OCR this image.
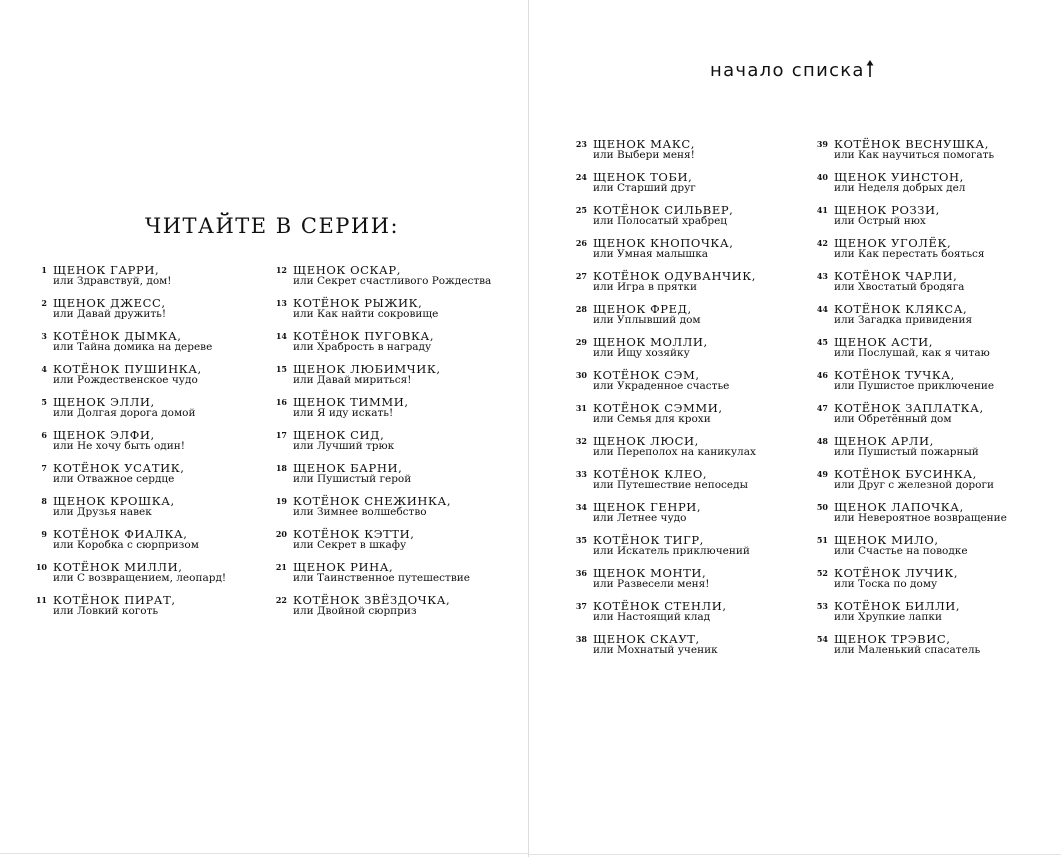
ЧИТАЙТЕ В СЕРИИ:
начало списка
1 ЩЕНОК ГАРРИ,
или Здравствуй, дом!
2 ЩЕНОК ДЖЕСС,
или Давай дружить!
3 КОТЁНОК ДЫМКА,
или Тайна домика на дереве
4 КОТЁНОК ПУШИНКА,
или Рождественское чудо
5 ЩЕНОК ЭЛЛИ,
или Долгая дорога домой
6 ЩЕНОК ЭЛФИ,
или Не хочу быть один!
7 КОТЁНОК УСАТИК,
или Отважное сердце
8 ЩЕНОК КРОШКА,
или Друзья навек
9 КОТЁНОК ФИАЛКА,
или Коробка с сюрпризом
10 КОТЁНОК МИЛЛИ,
или С возвращением, леопард!
11 КОТЁНОК ПИРАТ,
или Ловкий коготь
12 ЩЕНОК ОСКАР,
или Секрет счастливого Рождества
13 КОТЁНОК РЫЖИК,
или Как найти сокровище
14 КОТЁНОК ПУГОВКА,
или Храбрость в награду
15 ЩЕНОК ЛЮБИМЧИК,
или Давай мириться!
16 ЩЕНОК ТИММИ,
или Я иду искать!
17 ЩЕНОК СИД,
или Лучший трюк
18 ЩЕНОК БАРНИ,
или Пушистый герой
19 КОТЁНОК СНЕЖИНКА,
или Зимнее волшебство
20 КОТЁНОК КЭТТИ,
или Секрет в шкафу
21 ЩЕНОК РИНА,
или Таинственное путешествие
22 КОТЁНОК ЗВЁЗДОЧКА,
или Двойной сюрприз
23 ЩЕНОК МАКС,
или Выбери меня!
24 ЩЕНОК ТОБИ,
или Старший друг
25 КОТЁНОК СИЛЬВЕР,
или Полосатый храбрец
26 ЩЕНОК КНОПОЧКА,
или Умная малышка
27 КОТЁНОК ОДУВАНЧИК,
или Игра в прятки
28 ЩЕНОК ФРЕД,
или Уплывший дом
29 ЩЕНОК МОЛЛИ,
или Ищу хозяйку
30 КОТЁНОК СЭМ,
или Украденное счастье
31 КОТЁНОК СЭММИ,
или Семья для крохи
32 ЩЕНОК ЛЮСИ,
или Переполох на каникулах
33 КОТЁНОК КЛЕО,
или Путешествие непоседы
34 ЩЕНОК ГЕНРИ,
или Летнее чудо
35 КОТЁНОК ТИГР,
или Искатель приключений
36 ЩЕНОК МОНТИ,
или Развесели меня!
37 КОТЁНОК СТЕНЛИ,
или Настоящий клад
38 ЩЕНОК СКАУТ,
или Мохнатый ученик
39 КОТЁНОК ВЕСНУШКА,
или Как научиться помогать
40 ЩЕНОК УИНСТОН,
или Неделя добрых дел
41 ЩЕНОК РОЗЗИ,
или Острый нюх
42 ЩЕНОК УГОЛЁК,
или Как перестать бояться
43 КОТЁНОК ЧАРЛИ,
или Хвостатый бродяга
44 КОТЁНОК КЛЯКСА,
или Загадка привидения
45 ЩЕНОК АСТИ,
или Послушай, как я читаю
46 КОТЁНОК ТУЧКА,
или Пушистое приключение
47 КОТЁНОК ЗАПЛАТКА,
или Обретённый дом
48 ЩЕНОК АРЛИ,
или Пушистый пожарный
49 КОТЁНОК БУСИНКА,
или Друг с железной дороги
50 ЩЕНОК ЛАПОЧКА,
или Невероятное возвращение
51 ЩЕНОК МИЛО,
или Счастье на поводке
52 КОТЁНОК ЛУЧИК,
или Тоска по дому
53 КОТЁНОК БИЛЛИ,
или Хрупкие лапки
54 ЩЕНОК ТРЭВИС,
или Маленький спасатель
